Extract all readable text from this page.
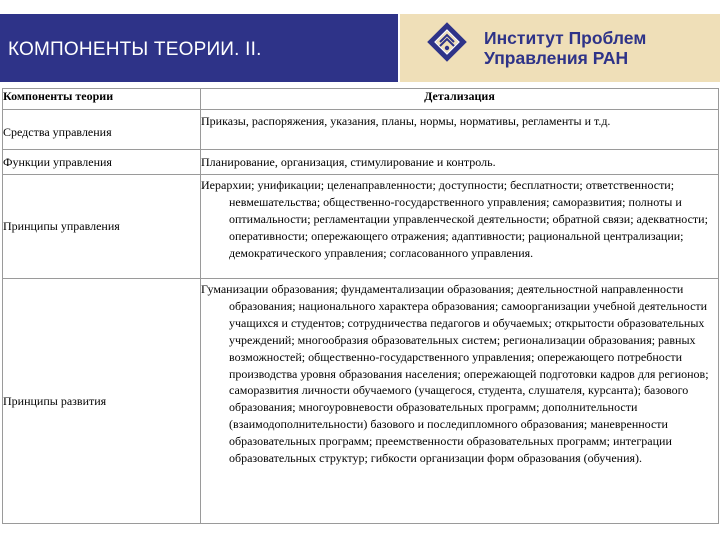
КОМПОНЕНТЫ ТЕОРИИ. II.
Институт Проблем
Управления РАН
Компоненты теории	Детализация

Средства управления	Приказы, распоряжения, указания, планы, нормы, нормативы, регламенты и т.д.

Функции управления	Планирование, организация, стимулирование и контроль.

Принципы управления	Иерархии; унификации; целенаправленности; доступности; бесплатности; ответственности; невмешательства; общественно-государственного управления; саморазвития; полноты и оптимальности; регламентации управленческой деятельности; обратной связи; адекватности; оперативности; опережающего отражения; адаптивности; рациональной централизации; демократического управления; согласованного управления.

Принципы развития	Гуманизации образования; фундаментализации образования; деятельностной направленности образования; национального характера образования; самоорганизации учебной деятельности учащихся и студентов; сотрудничества педагогов и обучаемых; открытости образовательных учреждений; многообразия образовательных систем; регионализации образования; равных возможностей; общественно-государственного управления; опережающего потребности производства уровня образования населения; опережающей подготовки кадров для регионов; саморазвития личности обучаемого (учащегося, студента, слушателя, курсанта); базового образования; многоуровневости образовательных программ; дополнительности (взаимодополнительности) базового и последипломного образования; маневренности образовательных программ; преемственности образовательных программ; интеграции образовательных структур; гибкости организации форм образования (обучения).
